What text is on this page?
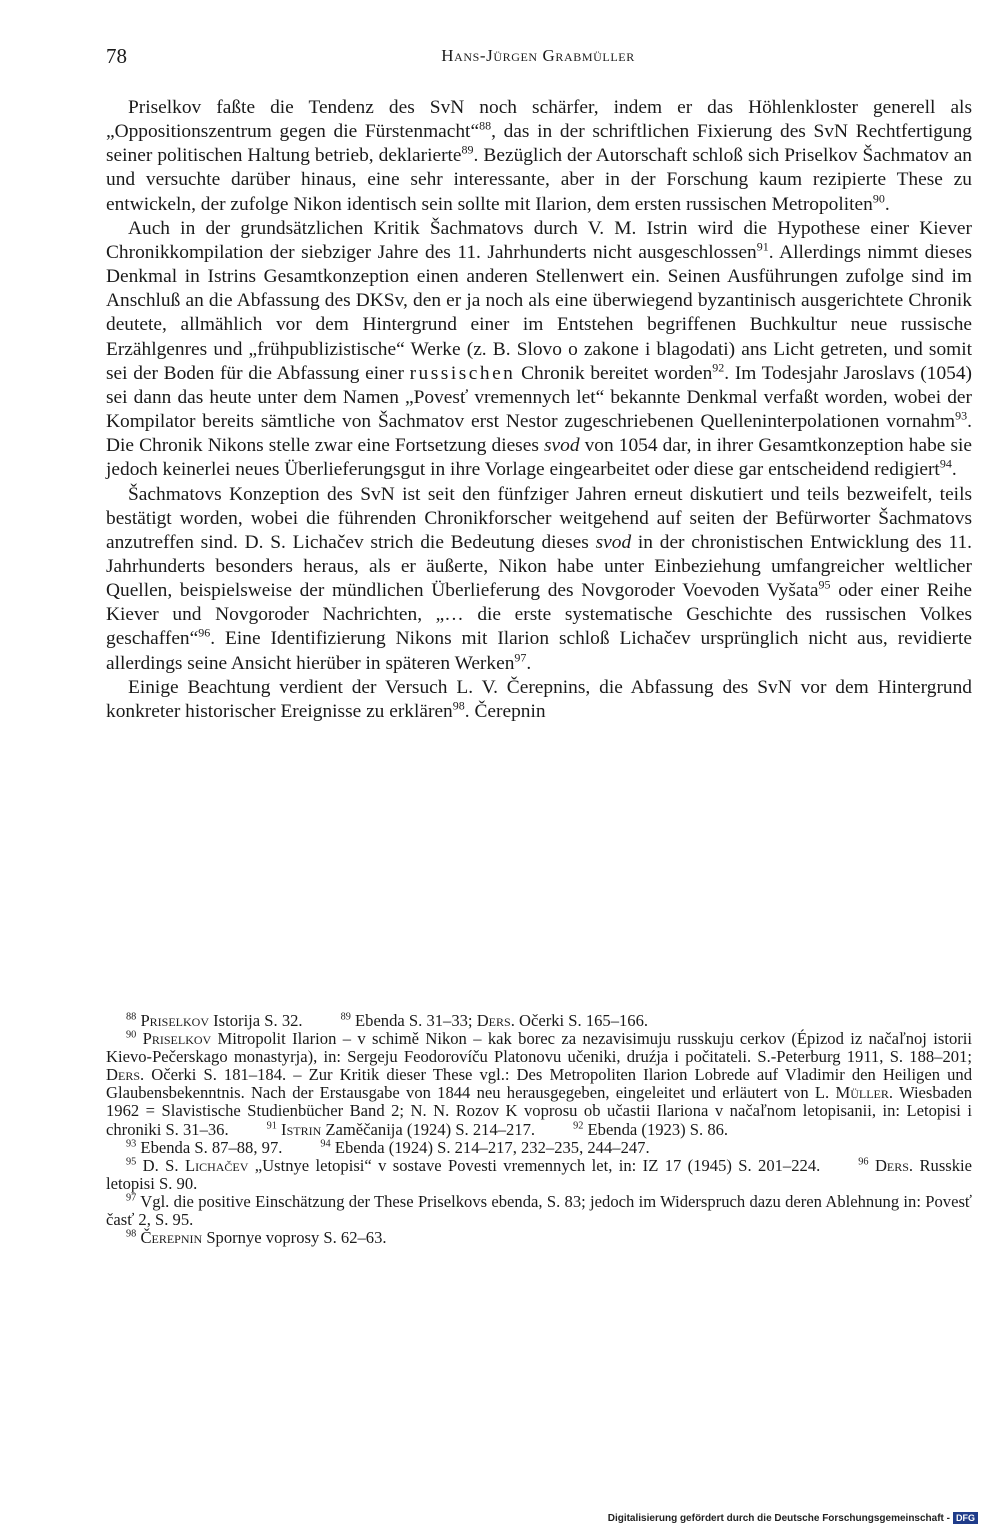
78	Hans-Jürgen Grabmüller

Priselkov faßte die Tendenz des SvN noch schärfer, indem er das Höhlenkloster generell als „Oppositionszentrum gegen die Fürstenmacht“$^{88}$, das in der schriftlichen Fixierung des SvN Rechtfertigung seiner politischen Haltung betrieb, deklarierte$^{89}$. Bezüglich der Autorschaft schloß sich Priselkov Šachmatov an und versuchte darüber hinaus, eine sehr interessante, aber in der Forschung kaum rezipierte These zu entwickeln, der zufolge Nikon identisch sein sollte mit Ilarion, dem ersten russischen Metropoliten$^{90}$.

Auch in der grundsätzlichen Kritik Šachmatovs durch V. M. Istrin wird die Hypothese einer Kiever Chronikkompilation der siebziger Jahre des 11. Jahrhunderts nicht ausgeschlossen$^{91}$. Allerdings nimmt dieses Denkmal in Istrins Gesamtkonzeption einen anderen Stellenwert ein. Seinen Ausführungen zufolge sind im Anschluß an die Abfassung des DKSv, den er ja noch als eine überwiegend byzantinisch ausgerichtete Chronik deutete, allmählich vor dem Hintergrund einer im Entstehen begriffenen Buchkultur neue russische Erzählgenres und „frühpublizistische“ Werke (z. B. Slovo o zakone i blagodati) ans Licht getreten, und somit sei der Boden für die Abfassung einer russischen Chronik bereitet worden$^{92}$. Im Todesjahr Jaroslavs (1054) sei dann das heute unter dem Namen „Povesť vremennych let“ bekannte Denkmal verfaßt worden, wobei der Kompilator bereits sämtliche von Šachmatov erst Nestor zugeschriebenen Quelleninterpolationen vornahm$^{93}$. Die Chronik Nikons stelle zwar eine Fortsetzung dieses svod von 1054 dar, in ihrer Gesamtkonzeption habe sie jedoch keinerlei neues Überlieferungsgut in ihre Vorlage eingearbeitet oder diese gar entscheidend redigiert$^{94}$.

Šachmatovs Konzeption des SvN ist seit den fünfziger Jahren erneut diskutiert und teils bezweifelt, teils bestätigt worden, wobei die führenden Chronikforscher weitgehend auf seiten der Befürworter Šachmatovs anzutreffen sind. D. S. Lichačev strich die Bedeutung dieses svod in der chronistischen Entwicklung des 11. Jahrhunderts besonders heraus, als er äußerte, Nikon habe unter Einbeziehung umfangreicher weltlicher Quellen, beispielsweise der mündlichen Überlieferung des Novgoroder Voevoden Vyšata$^{95}$ oder einer Reihe Kiever und Novgoroder Nachrichten, „… die erste systematische Geschichte des russischen Volkes geschaffen“$^{96}$. Eine Identifizierung Nikons mit Ilarion schloß Lichačev ursprünglich nicht aus, revidierte allerdings seine Ansicht hierüber in späteren Werken$^{97}$.

Einige Beachtung verdient der Versuch L. V. Čerepnins, die Abfassung des SvN vor dem Hintergrund konkreter historischer Ereignisse zu erklären$^{98}$. Čerepnin

$^{88}$ Priselkov Istorija S. 32.	$^{89}$ Ebenda S. 31–33; Ders. Očerki S. 165–166.

$^{90}$ Priselkov Mitropolit Ilarion – v schimě Nikon – kak borec za nezavisimuju russkuju cerkov (Épizod iz načaľnoj istorii Kievo-Pečerskago monastyrja), in: Sergeju Feodorovíču Platonovu učeniki, druźja i počitateli. S.-Peterburg 1911, S. 188–201; Ders. Očerki S. 181–184. – Zur Kritik dieser These vgl.: Des Metropoliten Ilarion Lobrede auf Vladimir den Heiligen und Glaubensbekenntnis. Nach der Erstausgabe von 1844 neu herausgegeben, eingeleitet und erläutert von L. Müller. Wiesbaden 1962 = Slavistische Studienbücher Band 2; N. N. Rozov K voprosu ob učastii Ilariona v načaľnom letopisanii, in: Letopisi i chroniki S. 31–36.	$^{91}$ Istrin Zaměčanija (1924) S. 214–217.	$^{92}$ Ebenda (1923) S. 86.

$^{93}$ Ebenda S. 87–88, 97.	$^{94}$ Ebenda (1924) S. 214–217, 232–235, 244–247.

$^{95}$ D. S. Lichačev „Ustnye letopisi“ v sostave Povesti vremennych let, in: IZ 17 (1945) S. 201–224.	$^{96}$ Ders. Russkie letopisi S. 90.

$^{97}$ Vgl. die positive Einschätzung der These Priselkovs ebenda, S. 83; jedoch im Widerspruch dazu deren Ablehnung in: Povesť časť 2, S. 95.

$^{98}$ Čerepnin Spornye voprosy S. 62–63.

Digitalisierung gefördert durch die Deutsche Forschungsgemeinschaft - DFG
